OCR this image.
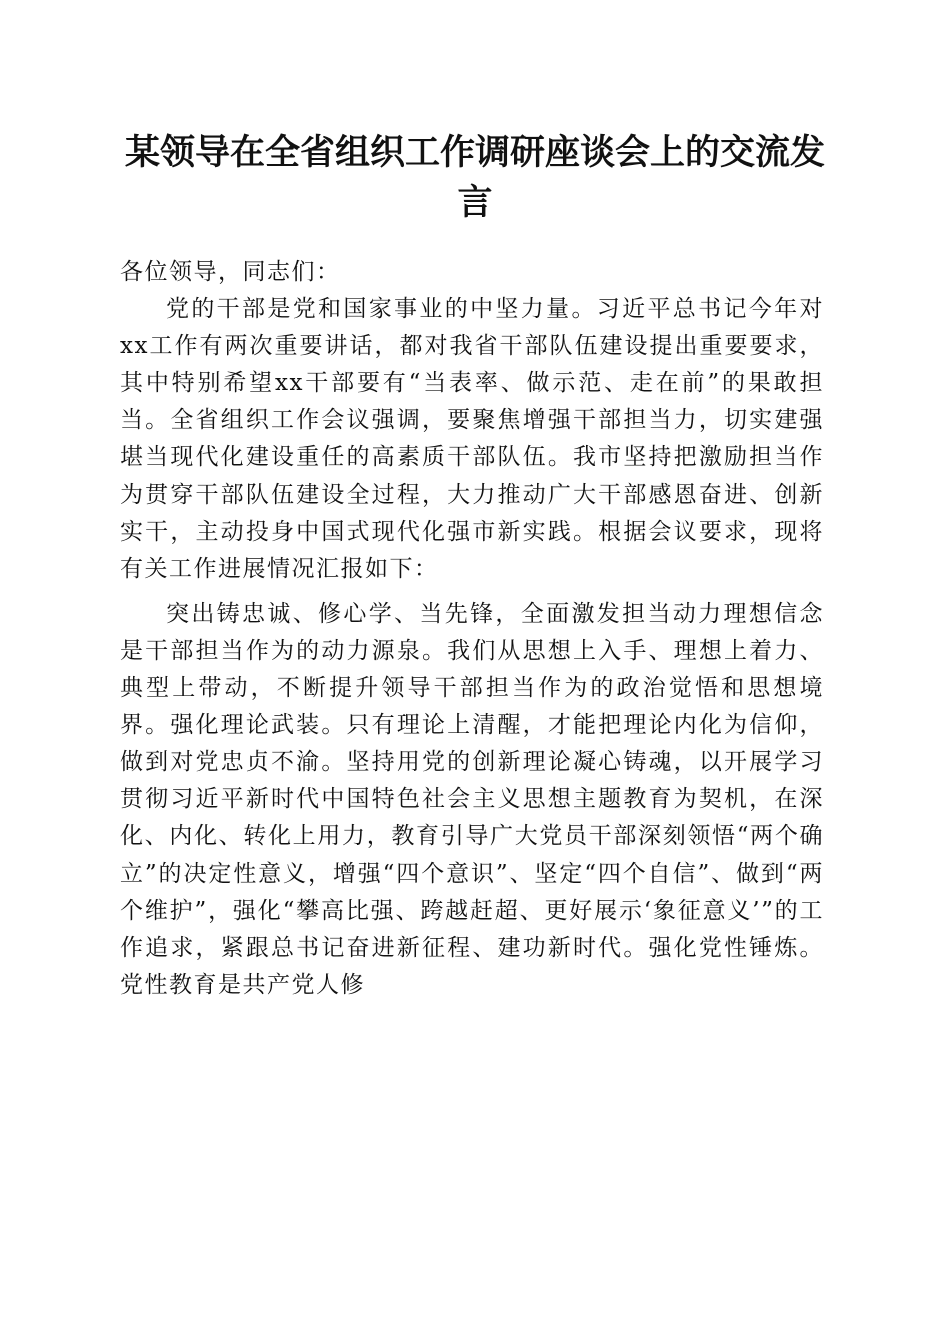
某领导在全省组织工作调研座谈会上的交流发言

各位领导，同志们：

党的干部是党和国家事业的中坚力量。习近平总书记今年对xx工作有两次重要讲话，都对我省干部队伍建设提出重要要求，其中特别希望xx干部要有“当表率、做示范、走在前”的果敢担当。全省组织工作会议强调，要聚焦增强干部担当力，切实建强堪当现代化建设重任的高素质干部队伍。我市坚持把激励担当作为贯穿干部队伍建设全过程，大力推动广大干部感恩奋进、创新实干，主动投身中国式现代化强市新实践。根据会议要求，现将有关工作进展情况汇报如下：

突出铸忠诚、修心学、当先锋，全面激发担当动力理想信念是干部担当作为的动力源泉。我们从思想上入手、理想上着力、典型上带动，不断提升领导干部担当作为的政治觉悟和思想境界。强化理论武装。只有理论上清醒，才能把理论内化为信仰，做到对党忠贞不渝。坚持用党的创新理论凝心铸魂，以开展学习贯彻习近平新时代中国特色社会主义思想主题教育为契机，在深化、内化、转化上用力，教育引导广大党员干部深刻领悟“两个确立”的决定性意义，增强“四个意识”、坚定“四个自信”、做到“两个维护”，强化“攀高比强、跨越赶超、更好展示‘象征意义’”的工作追求，紧跟总书记奋进新征程、建功新时代。强化党性锤炼。党性教育是共产党人修
